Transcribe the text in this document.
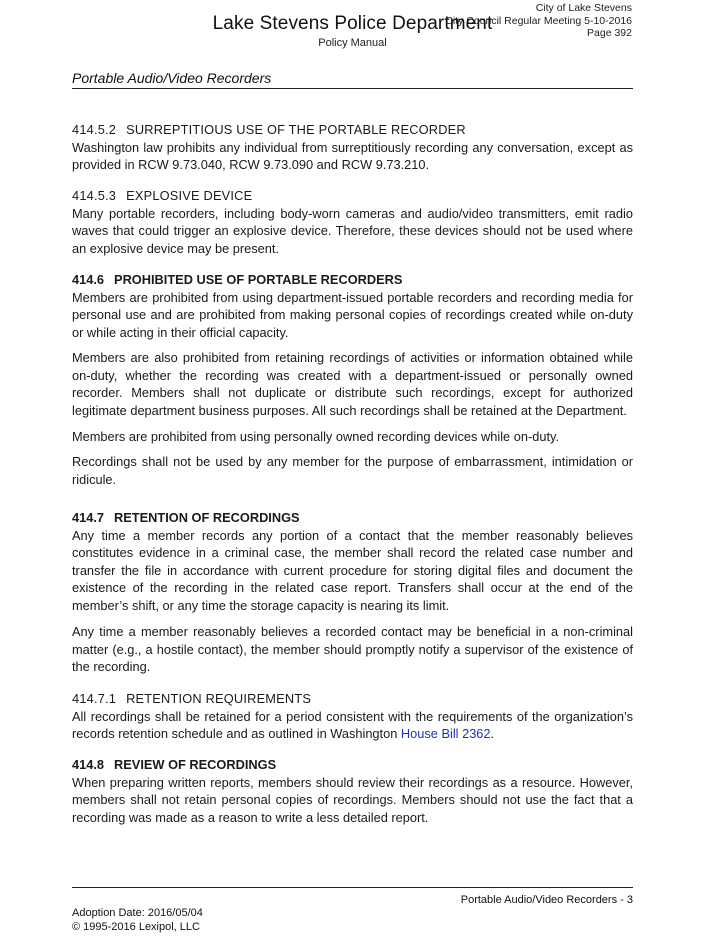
City of Lake Stevens
City Council Regular Meeting 5-10-2016
Page 392
Lake Stevens Police Department
Policy Manual
Portable Audio/Video Recorders
414.5.2 SURREPTITIOUS USE OF THE PORTABLE RECORDER

Washington law prohibits any individual from surreptitiously recording any conversation, except as provided in RCW 9.73.040, RCW 9.73.090 and RCW 9.73.210.

414.5.3 EXPLOSIVE DEVICE

Many portable recorders, including body-worn cameras and audio/video transmitters, emit radio waves that could trigger an explosive device. Therefore, these devices should not be used where an explosive device may be present.

414.6 PROHIBITED USE OF PORTABLE RECORDERS

Members are prohibited from using department-issued portable recorders and recording media for personal use and are prohibited from making personal copies of recordings created while on-duty or while acting in their official capacity.

Members are also prohibited from retaining recordings of activities or information obtained while on-duty, whether the recording was created with a department-issued or personally owned recorder. Members shall not duplicate or distribute such recordings, except for authorized legitimate department business purposes. All such recordings shall be retained at the Department.

Members are prohibited from using personally owned recording devices while on-duty.

Recordings shall not be used by any member for the purpose of embarrassment, intimidation or ridicule.

414.7 RETENTION OF RECORDINGS

Any time a member records any portion of a contact that the member reasonably believes constitutes evidence in a criminal case, the member shall record the related case number and transfer the file in accordance with current procedure for storing digital files and document the existence of the recording in the related case report. Transfers shall occur at the end of the member’s shift, or any time the storage capacity is nearing its limit.

Any time a member reasonably believes a recorded contact may be beneficial in a non-criminal matter (e.g., a hostile contact), the member should promptly notify a supervisor of the existence of the recording.

414.7.1 RETENTION REQUIREMENTS

All recordings shall be retained for a period consistent with the requirements of the organization’s records retention schedule and as outlined in Washington House Bill 2362.

414.8 REVIEW OF RECORDINGS

When preparing written reports, members should review their recordings as a resource. However, members shall not retain personal copies of recordings. Members should not use the fact that a recording was made as a reason to write a less detailed report.

Portable Audio/Video Recorders - 3
Adoption Date: 2016/05/04
© 1995-2016 Lexipol, LLC
